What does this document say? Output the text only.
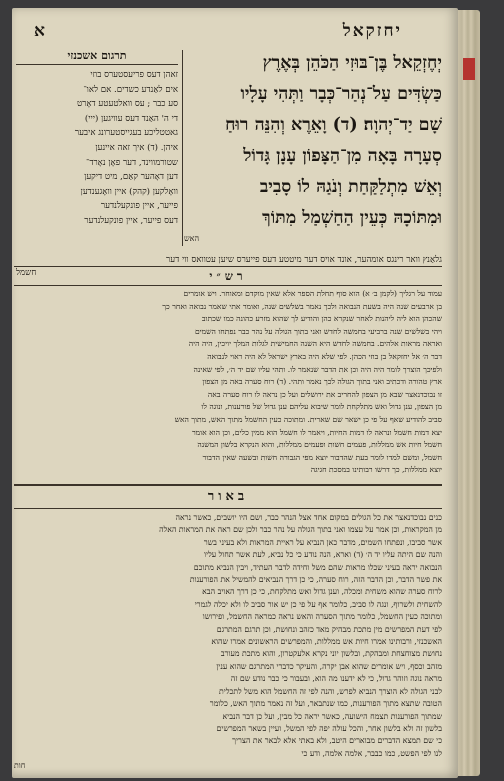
יחזקאל
א
יְחֶזְקֵאל בֶּן־בּוּזִי הַכֹּהֵן בְּאֶרֶץ
כַּשְׂדִּים עַל־נְהַר־כְּבָר וַתְּהִי עָלָיו
שָׁם יַד־יְהוָה׃ (ד) וָאֵרֶא וְהִנֵּה רוּחַ
סְעָרָה בָּאָה מִן־הַצָּפוֹן עָנָן גָּדוֹל
וְאֵשׁ מִתְלַקַּחַת וְנֹגַהּ לוֹ סָבִיב
וּמִתּוֹכָהּ כְּעֵין הַחַשְׁמַל מִתּוֹךְ
האש
תרגום אשכנזי
זאהן דעס פריעסטערס בוזי
אים לאַנדע כשדים. אם לאו־
סע כבר ; עס וואלטעטע דאָרט
די ה' האַנד דעס עוויגען (ייי)
גאטטליכע בעגייסטערונג איבער
איהן. (ד) איך זאה איינען
שטורמווינד, דער פאָן נאָרד־
דען דאָהער קאַם, מיט דיקען
וואָלקען (קהק) איין וואָגענדען
פייער, איין פונקעלנדער
דעס פייער, איין פונקעלנדער
גלאַנץ וואר רינגס אומהער, אונד אויס דער מיטטע דעס פייערס שיען עטוואס ווי דער
חשמל	רש״י
עמוד על רגליך (לקמן ב׳ א) הוא סוף תחלת הספר אלא שאין מוקדם ומאוחר. ויש אומרים
בן ארבעים שנה היה בשעת הנבואה ולכך נאמר בשלשים שנה, ואומר אתי שאמר נבואה ואחר כך
שהכהן הוא ליה ליהנות לאחר שנקרא כהן והודיע לך שהוא מזרע כהונה כמו שכתוב
ויהי בשלשים שנה ברביעי בחמשה לחדש ואני בתוך הגולה על נהר כבר נפתחו השמים
ואראה מראות אלהים. בחמשה לחדש היא השנה החמישית לגלות המלך יויכין, היה היה
דבר ה׳ אל יחזקאל בן בוזי הכהן. לפי שלא היה בארץ ישראל לא היה ראוי לנבואה
ולפיכך הוצרך לומר היה היה וכן את הדבר שנאמר לו. ותהי עליו שם יד ה׳, לפי שאינה
ארץ טהורה ודכתיב ואני בתוך הגולה לכך נאמר ותהי. (ד) רוח סערה באה מן הצפון
זו נבוכדנאצר שבא מן הצפון להחריב את ירושלים ועל כן נראה לו רוח סערה באה
מן הצפון, ענן גדול ואש מתלקחת לומר שיבוא עליהם ענן גדול של פורענות, ונוגה לו
סביב להודיע שאף על פי כן ישאר שם שארית. ומתוכה כעין החשמל מתוך האש, מתוך האש
יצא דמות חשמל ונראה לו דמות החיות, ויאמר לו חשמל הוא ממין כלים, וכן הוא אומר
חשמל חיות אש ממללות, פעמים חשות ופעמים ממללות, והוא הנקרא בלשון המשנה
חשמל, ומשם למדו לומר בעת שהדבור יוצא מפי הגבורה חשות ובשעה שאין הדבור
יוצא ממללות, כך דרשו רבותינו במסכת חגיגה
באור
כנים נבוכדנאצר את כל הגולים במקום אחד אצל הנהר כבר, ושם היו יושבים, כאשר נראה
מן המקראות, וכן אמר על עצמו ואני בתוך הגולה על נהר כבר ולכן שם ראה את המראות האלה
אשר סביבו, ונפתחו השמים, מדבר כאן הנביא על ראיית המראות ולא בעיני בשר
והנה שם היתה עליו יד ה׳ (ד) וארא, הנה נודע כי כל נביא, לעת אשר תחול עליו
הנבואה יראה בעיני שכלו מראות שהם משל וחידה לדבר העתיד, ויבין הנביא מתוכם
את פשר הדבר, וכן הדבר הזה, רוח סערה, כי כן דרך הנביאים להמשיל את הפורענות
לרוח סערה שהוא משחית ומכלה, וענן גדול ואש מתלקחת, כי כן דרך האויב הבא
להשחית ולשרוף, ונגה לו סביב, כלומר אף על פי כן יש אור סביב לו ולא יכלה לגמרי
ומתוכה כעין החשמל, כלומר מתוך הסערה והאש נראה כמראה החשמל, ופירושו
לפי דעת המפרשים מין מתכת מבהיק מאד כזהב ונחושת, וכן תרגם המתרגם
האשכנזי, ורבותינו אמרו חיות אש ממללות, והמפרשים הראשונים אמרו שהוא
נחושת מצוחצחת ומבהקת, ובלשון יוני נקרא אלעקטרון, והוא מתכת מעורב
מזהב וכסף, ויש אומרים שהוא אבן יקרה, והעיקר כדברי המתרגם שהוא ענין
מראה נוגה וזוהר גדול, כי לא ידענו מה הוא, ובעבור כי כבר נודע שם זה
לבני הגולה לא הוצרך הנביא לפרש, והנה לפי זה החשמל הוא משל לתכלית
הטובה שתצא מתוך הפורענות, כמו שנתבאר, ועל זה נאמר מתוך האש, כלומר
שמתוך הפורענות תצמח הישועה, כאשר יראה כל מבין, ועל כן דבר הנביא
בלשון זה ולא בלשון אחר, והכל עולה יפה לפי המשל, ועיין בשאר המפרשים
כי שם תמצא הדברים מבוארים היטב, ולא באתי אלא לבאר את הצריך
לנו לפי הפשט, כמו כבבר, אלמה אלמה, ודע כי
חות
